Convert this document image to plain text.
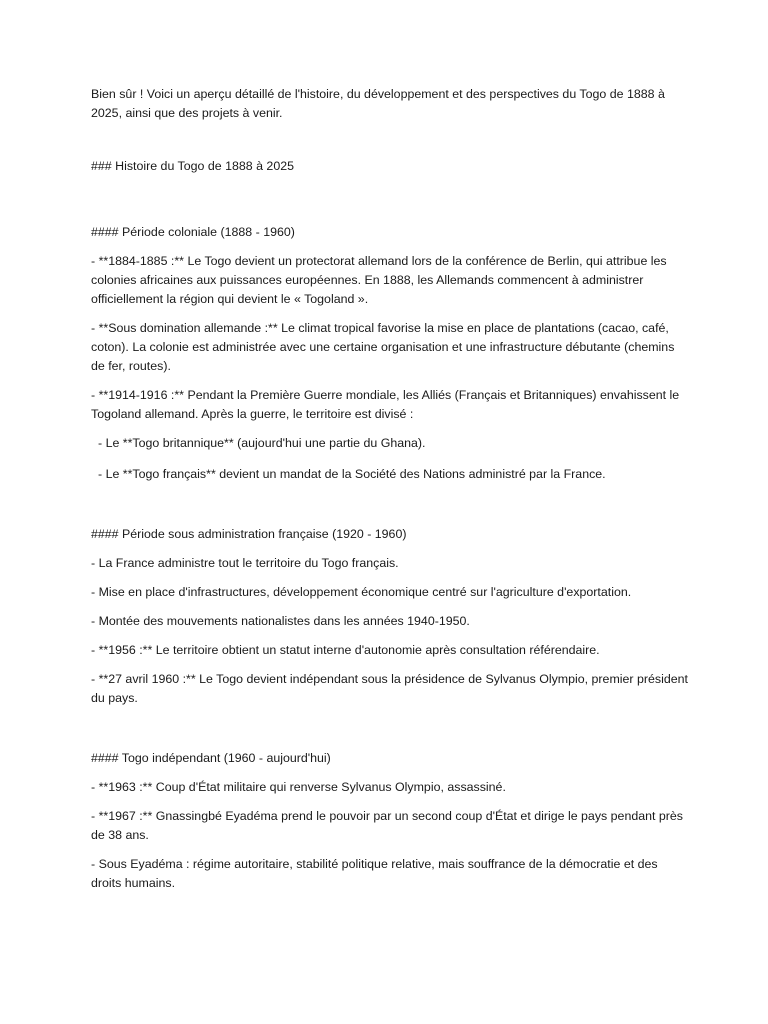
Bien sûr ! Voici un aperçu détaillé de l'histoire, du développement et des perspectives du Togo de 1888 à 2025, ainsi que des projets à venir.

### Histoire du Togo de 1888 à 2025

#### Période coloniale (1888 - 1960)

- **1884-1885 :** Le Togo devient un protectorat allemand lors de la conférence de Berlin, qui attribue les colonies africaines aux puissances européennes. En 1888, les Allemands commencent à administrer officiellement la région qui devient le « Togoland ».

- **Sous domination allemande :** Le climat tropical favorise la mise en place de plantations (cacao, café, coton). La colonie est administrée avec une certaine organisation et une infrastructure débutante (chemins de fer, routes).

- **1914-1916 :** Pendant la Première Guerre mondiale, les Alliés (Français et Britanniques) envahissent le Togoland allemand. Après la guerre, le territoire est divisé :

- Le **Togo britannique** (aujourd'hui une partie du Ghana).

- Le **Togo français** devient un mandat de la Société des Nations administré par la France.

#### Période sous administration française (1920 - 1960)

- La France administre tout le territoire du Togo français.

- Mise en place d'infrastructures, développement économique centré sur l'agriculture d'exportation.

- Montée des mouvements nationalistes dans les années 1940-1950.

- **1956 :** Le territoire obtient un statut interne d'autonomie après consultation référendaire.

- **27 avril 1960 :** Le Togo devient indépendant sous la présidence de Sylvanus Olympio, premier président du pays.

#### Togo indépendant (1960 - aujourd'hui)

- **1963 :** Coup d'État militaire qui renverse Sylvanus Olympio, assassiné.

- **1967 :** Gnassingbé Eyadéma prend le pouvoir par un second coup d'État et dirige le pays pendant près de 38 ans.

- Sous Eyadéma : régime autoritaire, stabilité politique relative, mais souffrance de la démocratie et des droits humains.
